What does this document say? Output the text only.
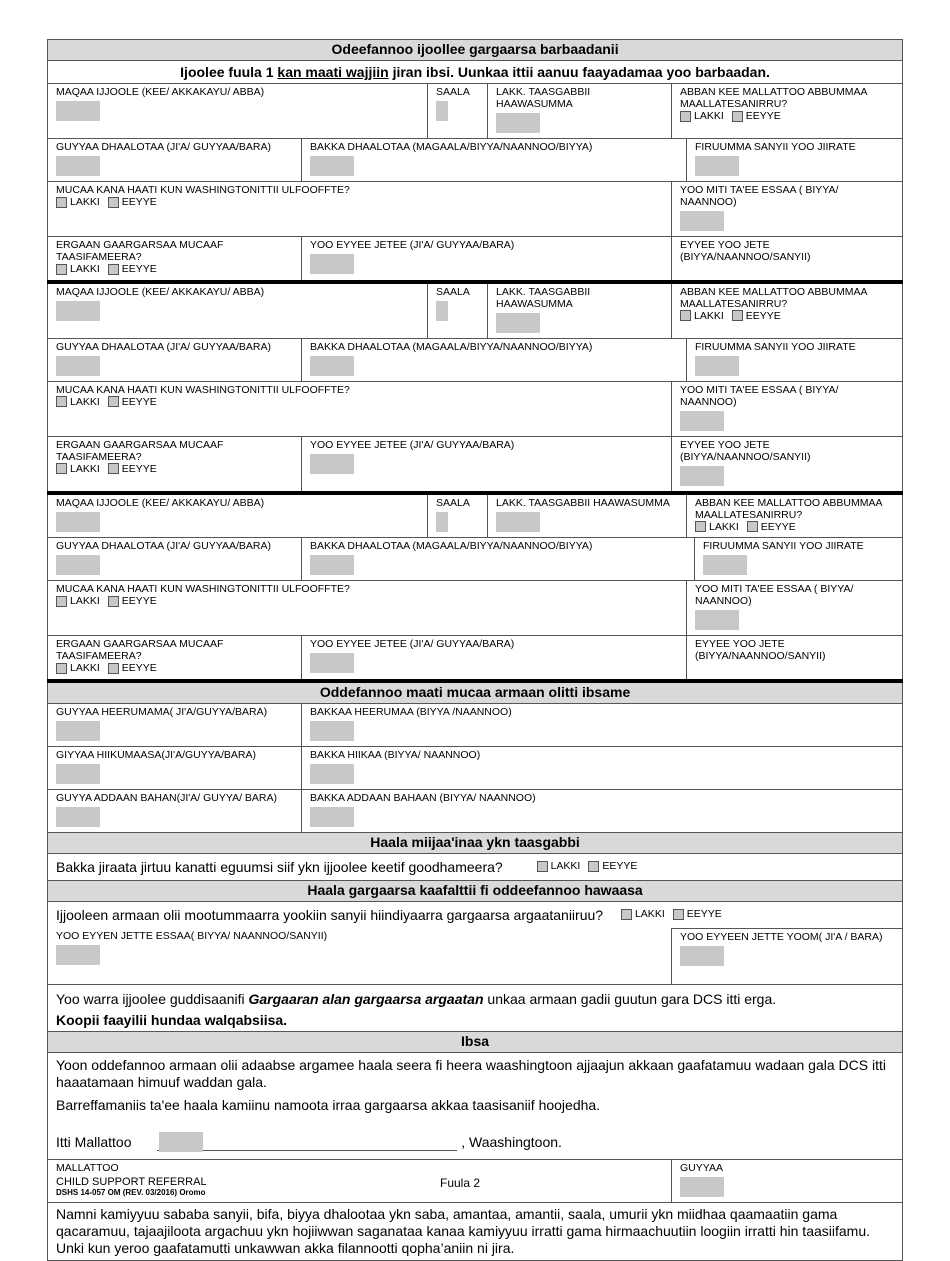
Odeefannoo ijoollee gargaarsa barbaadanii						
Ijoolee fuula 1 kan maati wajjiin jiran ibsi. Uunkaa ittii aanuu faayadamaa yoo barbaadan.						

MAQAA IJJOOLE (KEE/ AKKAKAYU/ ABBA)		SAALA	LAKK. TAASGABBII HAAWASUMMA	ABBAN KEE MALLATTOO ABBUMMAA MAALLATESANIRRU?
LAKKI EEYYE		

GUYYAA DHAALOTAA (JI'A/ GUYYAA/BARA)	BAKKA DHAALOTAA (MAGAALA/BIYYA/NAANNOO/BIYYA)				FIRUUMMA SANYII YOO JIIRATE	

MUCAA KANA HAATI KUN WASHINGTONITTII ULFOOFFTE?
LAKKI EEYYE				YOO MITI TA'EE ESSAA ( BIYYA/ NAANNOO)		

ERGAAN GAARGARSAA MUCAAF TAASIFAMEERA?
LAKKI EEYYE	YOO EYYEE JETEE (JI'A/ GUYYAA/BARA)			EYYEE YOO JETE (BIYYA/NAANNOO/SANYII)		

MAQAA IJJOOLE (KEE/ AKKAKAYU/ ABBA)		SAALA	LAKK. TAASGABBII HAAWASUMMA	ABBAN KEE MALLATTOO ABBUMMAA MAALLATESANIRRU?
LAKKI EEYYE		

GUYYAA DHAALOTAA (JI'A/ GUYYAA/BARA)	BAKKA DHAALOTAA (MAGAALA/BIYYA/NAANNOO/BIYYA)				FIRUUMMA SANYII YOO JIIRATE	

MUCAA KANA HAATI KUN WASHINGTONITTII ULFOOFFTE?
LAKKI EEYYE				YOO MITI TA'EE ESSAA ( BIYYA/ NAANNOO)		

ERGAAN GAARGARSAA MUCAAF TAASIFAMEERA?
LAKKI EEYYE	YOO EYYEE JETEE (JI'A/ GUYYAA/BARA)			EYYEE YOO JETE (BIYYA/NAANNOO/SANYII)		

MAQAA IJJOOLE (KEE/ AKKAKAYU/ ABBA)		SAALA	LAKK. TAASGABBII HAAWASUMMA		ABBAN KEE MALLATTOO ABBUMMAA MAALLATESANIRRU?
LAKKI EEYYE	

GUYYAA DHAALOTAA (JI'A/ GUYYAA/BARA)	BAKKA DHAALOTAA (MAGAALA/BIYYA/NAANNOO/BIYYA)					FIRUUMMA SANYII YOO JIIRATE

MUCAA KANA HAATI KUN WASHINGTONITTII ULFOOFFTE?
LAKKI EEYYE					YOO MITI TA'EE ESSAA ( BIYYA/ NAANNOO)	

ERGAAN GAARGARSAA MUCAAF TAASIFAMEERA?
LAKKI EEYYE	YOO EYYEE JETEE (JI'A/ GUYYAA/BARA)				EYYEE YOO JETE (BIYYA/NAANNOO/SANYII)	

Oddefannoo maati mucaa armaan olitti ibsame						

GUYYAA HEERUMAMA( JI'A/GUYYA/BARA)	BAKKAA HEERUMAA (BIYYA /NAANNOO)					

GIYYAA HIIKUMAASA(JI'A/GUYYA/BARA)	BAKKA HIIKAA (BIYYA/ NAANNOO)					

GUYYA ADDAAN BAHAN(JI'A/ GUYYA/ BARA)	BAKKA ADDAAN BAHAAN (BIYYA/ NAANNOO)					

Haala miijaa'inaa ykn taasgabbi						
Bakka jiraata jirtuu kanatti eguumsi siif ykn ijjoolee keetif goodhameera? LAKKI EEYYE						

Haala gargaarsa kaafalttii fi oddeefannoo hawaasa						
Ijjooleen armaan olii mootummaarra yookiin sanyii hiindiyaarra gargaarsa argaataniiruu? LAKKI EEYYE						

YOO EYYEN JETTE ESSAA( BIYYA/ NAANNOO/SANYII)				YOO EYYEEN JETTE YOOM( JI'A / BARA)		

Yoo warra ijjoolee guddisaanifi Gargaaran alan gargaarsa argaatan unkaa armaan gadii guutun gara DCS itti erga.
Koopii faayilii hundaa walqabsiisa.						

Ibsa						

Yoon oddefannoo armaan olii adaabse argamee haala seera fi heera waashingtoon ajjaajun akkaan gaafatamuu wadaan gala DCS itti haaatamaan himuuf waddan gala.
Barreffamaniis ta'ee haala kamiinu namoota irraa gargaarsa akkaa taasisaniif hoojedha.
Itti Mallattoo , Waashingtoon.						

MALLATTOO				GUYYAA		

Namni kamiyyuu sababa sanyii, bifa, biyya dhalootaa ykn saba, amantaa, amantii, saala, umurii ykn miidhaa qaamaatiin gama qacaramuu, tajaajiloota argachuu ykn hojiiwwan saganataa kanaa kamiyyuu irratti gama hirmaachuutiin loogiin irratti hin taasiifamu. Unki kun yeroo gaafatamutti unkawwan akka filannootti qopha’aniin ni jira.						
CHILD SUPPORT REFERRAL
DSHS 14-057 OM (REV. 03/2016) Oromo
Fuula 2
